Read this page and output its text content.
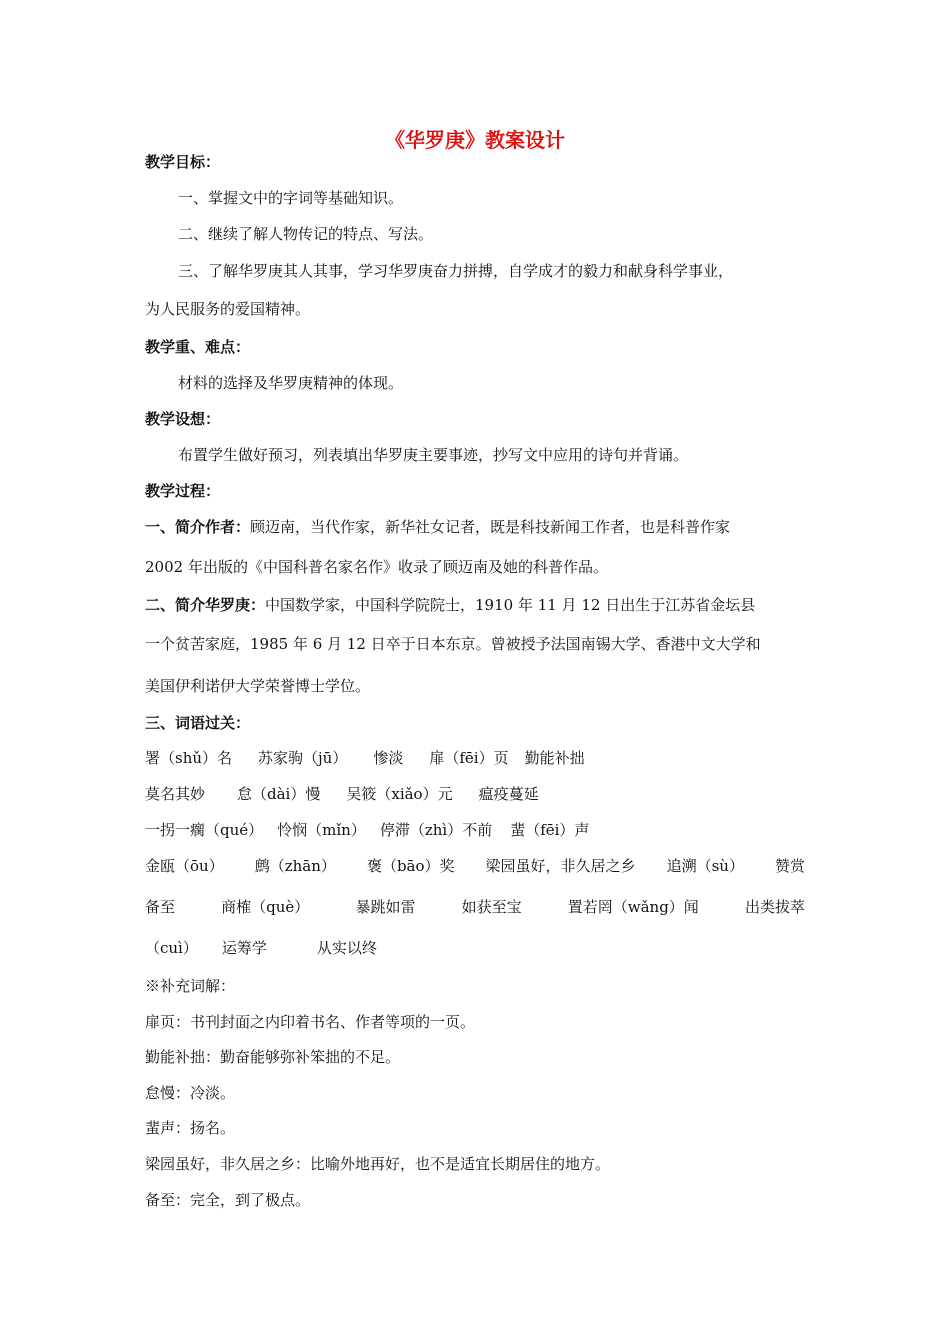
《华罗庚》教案设计
教学目标：
一、掌握文中的字词等基础知识。
二、继续了解人物传记的特点、写法。
三、了解华罗庚其人其事，学习华罗庚奋力拼搏，自学成才的毅力和献身科学事业，
为人民服务的爱国精神。
教学重、难点：
材料的选择及华罗庚精神的体现。
教学设想：
布置学生做好预习，列表填出华罗庚主要事迹，抄写文中应用的诗句并背诵。
教学过程：
一、简介作者：顾迈南，当代作家，新华社女记者，既是科技新闻工作者，也是科普作家
2002 年出版的《中国科普名家名作》收录了顾迈南及她的科普作品。
二、简介华罗庚：中国数学家，中国科学院院士，1910 年 11 月 12 日出生于江苏省金坛县
一个贫苦家庭，1985 年 6 月 12 日卒于日本东京。曾被授予法国南锡大学、香港中文大学和
美国伊利诺伊大学荣誉博士学位。
三、词语过关：
署（shǔ）名 苏家驹（jū） 惨淡 扉（fēi）页 勤能补拙
莫名其妙 怠（dài）慢 吴筱（xiǎo）元 瘟疫蔓延
一拐一瘸（qué） 怜悯（mǐn） 停滞（zhì）不前 蜚（fēi）声
金瓯（ōu） 鹧（zhān） 褒（bāo）奖 梁园虽好，非久居之乡 追溯（sù） 赞赏
备至	商榷（què）	暴跳如雷	如获至宝	置若罔（wǎng）闻	出类拔萃
（cuì） 运筹学	从实以终
※补充词解：
扉页：书刊封面之内印着书名、作者等项的一页。
勤能补拙：勤奋能够弥补笨拙的不足。
怠慢：冷淡。
蜚声：扬名。
梁园虽好，非久居之乡：比喻外地再好，也不是适宜长期居住的地方。
备至：完全，到了极点。
